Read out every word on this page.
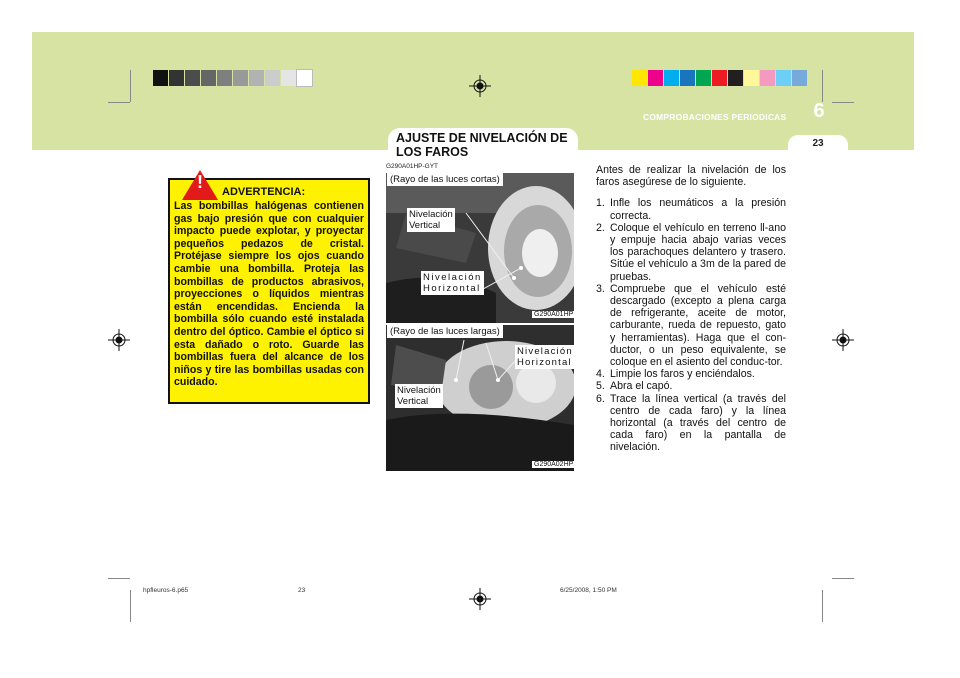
COMPROBACIONES PERIODICAS	6
23
AJUSTE DE NIVELACIÓN DE LOS FAROS
G290A01HP-GYT
! ADVERTENCIA:
Las bombillas halógenas contienen gas bajo presión que con cualquier impacto puede explotar, y proyectar pequeños pedazos de cristal. Protéjase siempre los ojos cuando cambie una bombilla. Proteja las bombillas de productos abrasivos, proyecciones o líquidos mientras están encendidas. Encienda la bombilla sólo cuando esté instalada dentro del óptico. Cambie el óptico si esta dañado o roto. Guarde las bombillas fuera del alcance de los niños y tire las bombillas usadas con cuidado.
(Rayo de las luces cortas)
Nivelación
Vertical
Nivelación
Horizontal
G290A01HP
(Rayo de las luces largas)
Nivelación
Horizontal
Nivelación
Vertical
G290A02HP

Antes de realizar la nivelación de los faros asegúrese de lo siguiente.

1. Infle los neumáticos a la presión correcta.
2. Coloque el vehículo en terreno ll-ano y empuje hacia abajo varias veces los parachoques delantero y trasero. Sitúe el vehículo a 3m de la pared de pruebas.
3. Compruebe que el vehículo esté descargado (excepto a plena carga de refrigerante, aceite de motor, carburante, rueda de repuesto, gato y herramientas). Haga que el con-ductor, o un peso equivalente, se coloque en el asiento del conduc-tor.
4. Limpie los faros y enciéndalos.
5. Abra el capó.
6. Trace la línea vertical (a través del centro de cada faro) y la línea horizontal (a través del centro de cada faro) en la pantalla de nivelación.
hpfleuros-6.p65	23	6/25/2008, 1:50 PM
